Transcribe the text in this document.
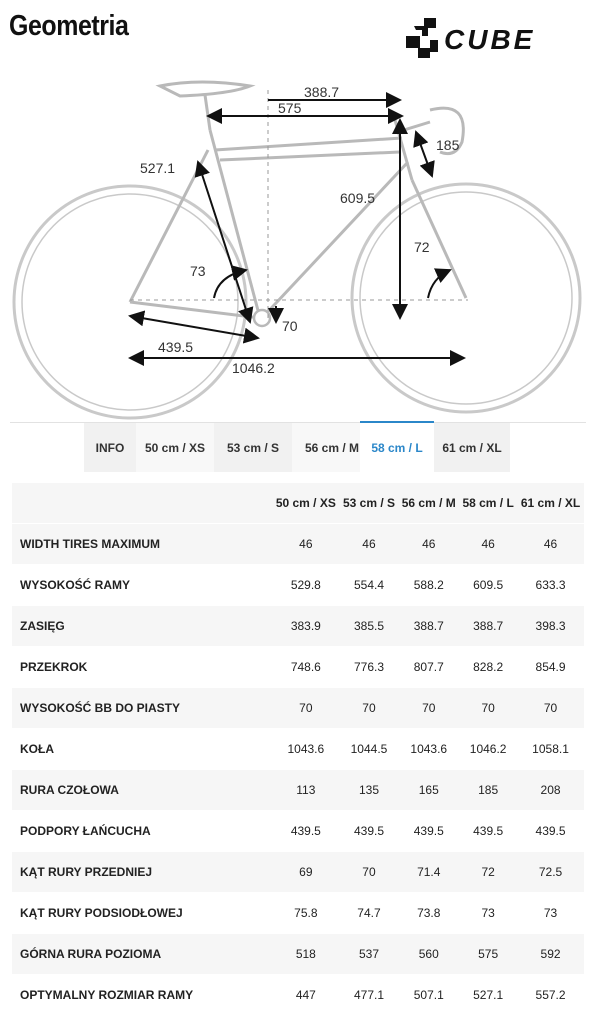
Geometria	CUBE
388.7
575
527.1
609.5
185
73
72
70
439.5
1046.2
INFO	50 cm / XS	53 cm / S	56 cm / M	58 cm / L	61 cm / XL
	50 cm / XS	53 cm / S	56 cm / M	58 cm / L	61 cm / XL
WIDTH TIRES MAXIMUM	46	46	46	46	46
WYSOKOŚĆ RAMY	529.8	554.4	588.2	609.5	633.3
ZASIĘG	383.9	385.5	388.7	388.7	398.3
PRZEKROK	748.6	776.3	807.7	828.2	854.9
WYSOKOŚĆ BB DO PIASTY	70	70	70	70	70
KOŁA	1043.6	1044.5	1043.6	1046.2	1058.1
RURA CZOŁOWA	113	135	165	185	208
PODPORY ŁAŃCUCHA	439.5	439.5	439.5	439.5	439.5
KĄT RURY PRZEDNIEJ	69	70	71.4	72	72.5
KĄT RURY PODSIODŁOWEJ	75.8	74.7	73.8	73	73
GÓRNA RURA POZIOMA	518	537	560	575	592
OPTYMALNY ROZMIAR RAMY	447	477.1	507.1	527.1	557.2
